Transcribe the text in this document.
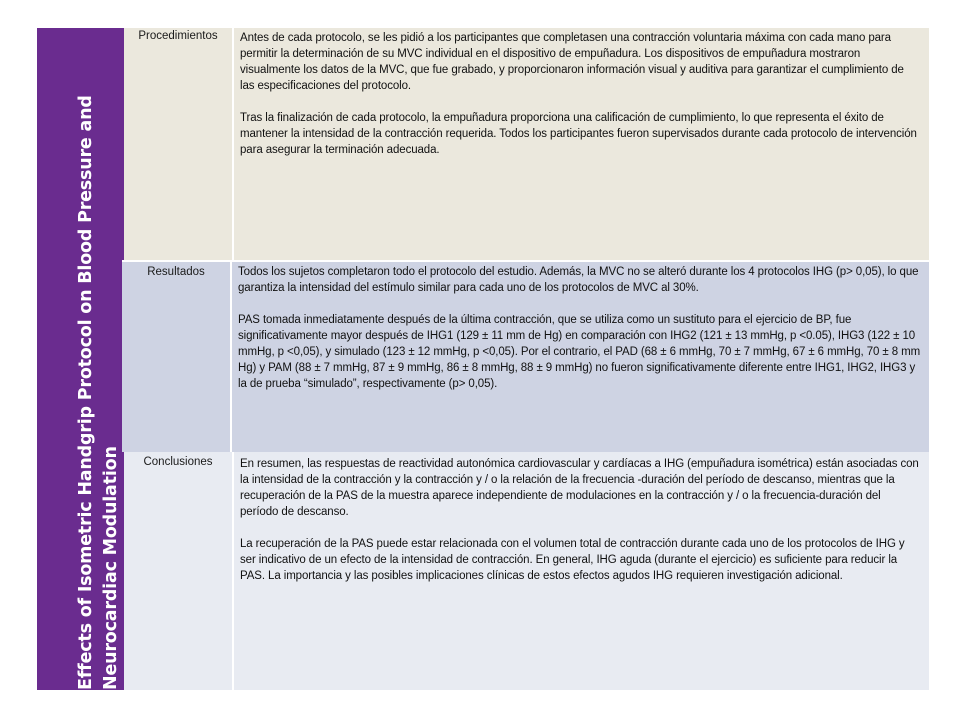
Effects of Isometric Handgrip Protocol on Blood Pressure and Neurocardiac Modulation
Procedimientos	Antes de cada protocolo, se les pidió a los participantes que completasen una contracción voluntaria máxima con cada mano para permitir la determinación de su MVC individual en el dispositivo de empuñadura. Los dispositivos de empuñadura mostraron visualmente los datos de la MVC, que fue grabado, y proporcionaron información visual y auditiva para garantizar el cumplimiento de las especificaciones del protocolo.

Tras la finalización de cada protocolo, la empuñadura proporciona una calificación de cumplimiento, lo que representa el éxito de mantener la intensidad de la contracción requerida. Todos los participantes fueron supervisados durante cada protocolo de intervención para asegurar la terminación adecuada.

Resultados	Todos los sujetos completaron todo el protocolo del estudio. Además, la MVC no se alteró durante los 4 protocolos IHG (p> 0,05), lo que garantiza la intensidad del estímulo similar para cada uno de los protocolos de MVC al 30%.

PAS tomada inmediatamente después de la última contracción, que se utiliza como un sustituto para el ejercicio de BP, fue significativamente mayor después de IHG1 (129 ± 11 mm de Hg) en comparación con IHG2 (121 ± 13 mmHg, p <0.05), IHG3 (122 ± 10 mmHg, p <0,05), y simulado (123 ± 12 mmHg, p <0,05). Por el contrario, el PAD (68 ± 6 mmHg, 70 ± 7 mmHg, 67 ± 6 mmHg, 70 ± 8 mm Hg) y PAM (88 ± 7 mmHg, 87 ± 9 mmHg, 86 ± 8 mmHg, 88 ± 9 mmHg) no fueron significativamente diferente entre IHG1, IHG2, IHG3 y la de prueba “simulado”, respectivamente (p> 0,05).

Conclusiones	En resumen, las respuestas de reactividad autonómica cardiovascular y cardíacas a IHG (empuñadura isométrica) están asociadas con la intensidad de la contracción y la contracción y / o la relación de la frecuencia -duración del período de descanso, mientras que la recuperación de la PAS de la muestra aparece independiente de modulaciones en la contracción y / o la frecuencia-duración del período de descanso.

La recuperación de la PAS puede estar relacionada con el volumen total de contracción durante cada uno de los protocolos de IHG y ser indicativo de un efecto de la intensidad de contracción. En general, IHG aguda (durante el ejercicio) es suficiente para reducir la PAS. La importancia y las posibles implicaciones clínicas de estos efectos agudos IHG requieren investigación adicional.
